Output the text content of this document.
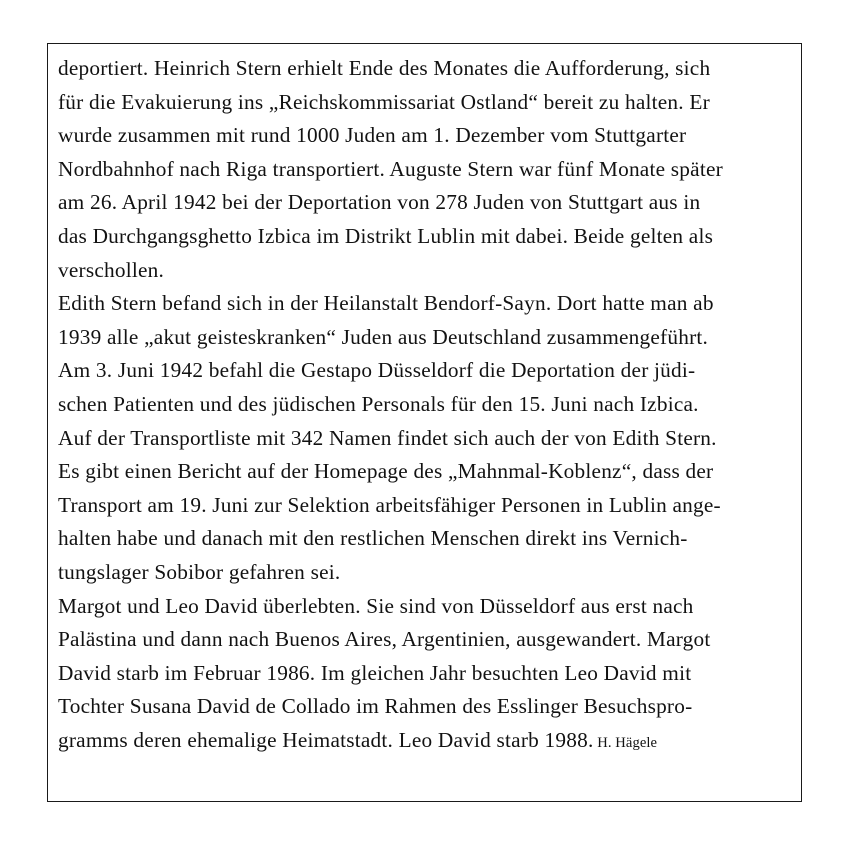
deportiert. Heinrich Stern erhielt Ende des Monates die Aufforderung, sich
für die Evakuierung ins „Reichskommissariat Ostland“ bereit zu halten. Er
wurde zusammen mit rund 1000 Juden am 1. Dezember vom Stuttgarter
Nordbahnhof nach Riga transportiert. Auguste Stern war fünf Monate später
am 26. April 1942 bei der Deportation von 278 Juden von Stuttgart aus in
das Durchgangsghetto Izbica im Distrikt Lublin mit dabei. Beide gelten als
verschollen.
Edith Stern befand sich in der Heilanstalt Bendorf-Sayn. Dort hatte man ab
1939 alle „akut geisteskranken“ Juden aus Deutschland zusammengeführt.
Am 3. Juni 1942 befahl die Gestapo Düsseldorf die Deportation der jüdi-
schen Patienten und des jüdischen Personals für den 15. Juni nach Izbica.
Auf der Transportliste mit 342 Namen findet sich auch der von Edith Stern.
Es gibt einen Bericht auf der Homepage des „Mahnmal-Koblenz“, dass der
Transport am 19. Juni zur Selektion arbeitsfähiger Personen in Lublin ange-
halten habe und danach mit den restlichen Menschen direkt ins Vernich-
tungslager Sobibor gefahren sei.
Margot und Leo David überlebten. Sie sind von Düsseldorf aus erst nach
Palästina und dann nach Buenos Aires, Argentinien, ausgewandert. Margot
David starb im Februar 1986. Im gleichen Jahr besuchten Leo David mit
Tochter Susana David de Collado im Rahmen des Esslinger Besuchspro-
gramms deren ehemalige Heimatstadt. Leo David starb 1988. H. Hägele
